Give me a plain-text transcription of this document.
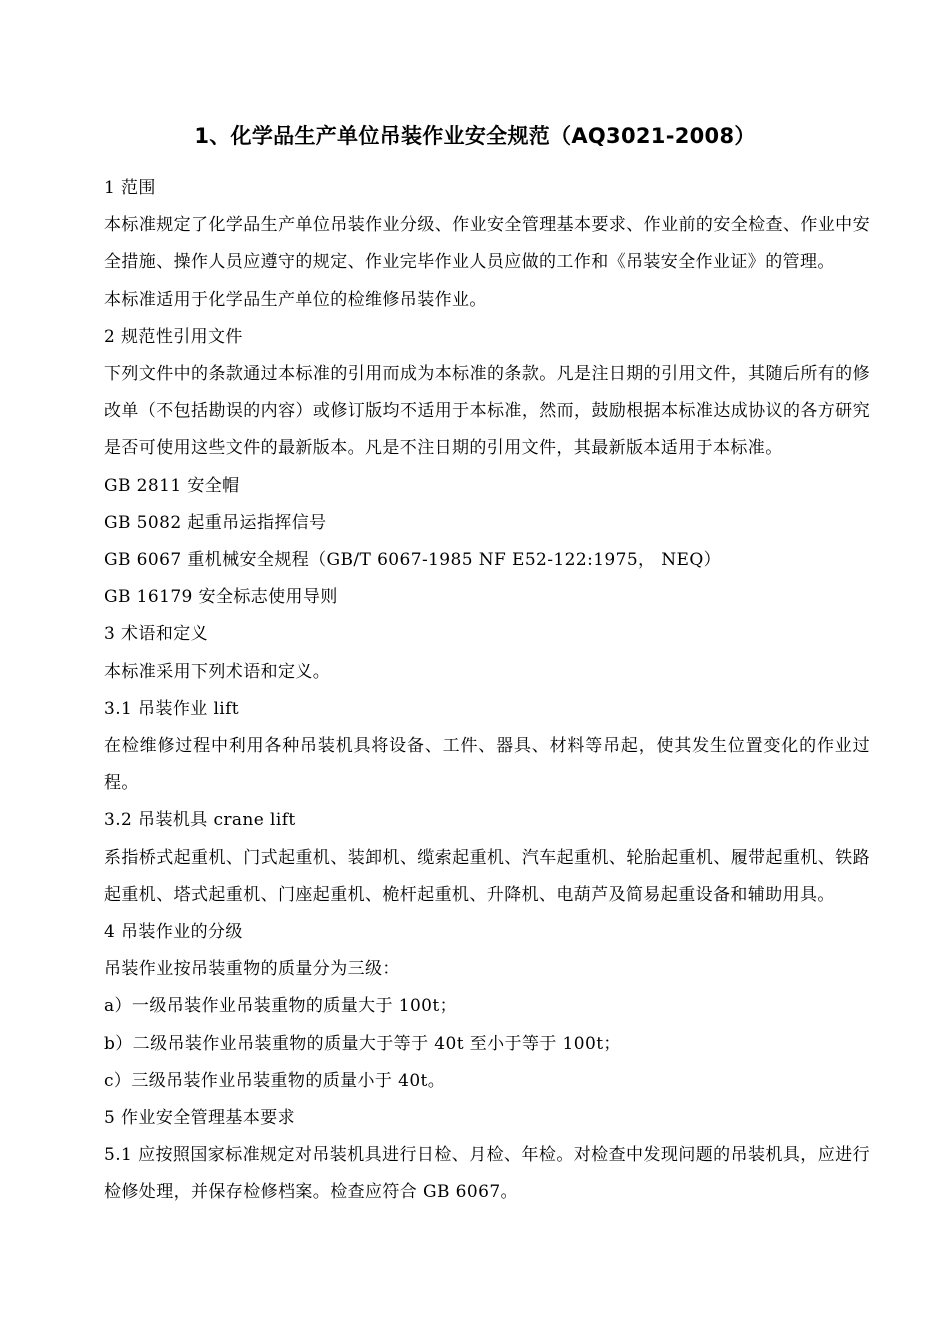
1、化学品生产单位吊装作业安全规范（AQ3021-2008）

1 范围

本标准规定了化学品生产单位吊装作业分级、作业安全管理基本要求、作业前的安全检查、作业中安全措施、操作人员应遵守的规定、作业完毕作业人员应做的工作和《吊装安全作业证》的管理。

本标准适用于化学品生产单位的检维修吊装作业。

2 规范性引用文件

下列文件中的条款通过本标准的引用而成为本标准的条款。凡是注日期的引用文件，其随后所有的修改单（不包括勘误的内容）或修订版均不适用于本标准，然而，鼓励根据本标准达成协议的各方研究是否可使用这些文件的最新版本。凡是不注日期的引用文件，其最新版本适用于本标准。

GB 2811 安全帽

GB 5082 起重吊运指挥信号

GB 6067 重机械安全规程（GB/T 6067-1985 NF E52-122:1975， NEQ）

GB 16179 安全标志使用导则

3 术语和定义

本标准采用下列术语和定义。

3.1 吊装作业 lift

在检维修过程中利用各种吊装机具将设备、工件、器具、材料等吊起，使其发生位置变化的作业过程。

3.2 吊装机具 crane lift

系指桥式起重机、门式起重机、装卸机、缆索起重机、汽车起重机、轮胎起重机、履带起重机、铁路起重机、塔式起重机、门座起重机、桅杆起重机、升降机、电葫芦及简易起重设备和辅助用具。

4 吊装作业的分级

吊装作业按吊装重物的质量分为三级：

a）一级吊装作业吊装重物的质量大于 100t；

b）二级吊装作业吊装重物的质量大于等于 40t 至小于等于 100t；

c）三级吊装作业吊装重物的质量小于 40t。

5 作业安全管理基本要求

5.1 应按照国家标准规定对吊装机具进行日检、月检、年检。对检查中发现问题的吊装机具，应进行检修处理，并保存检修档案。检查应符合 GB 6067。
